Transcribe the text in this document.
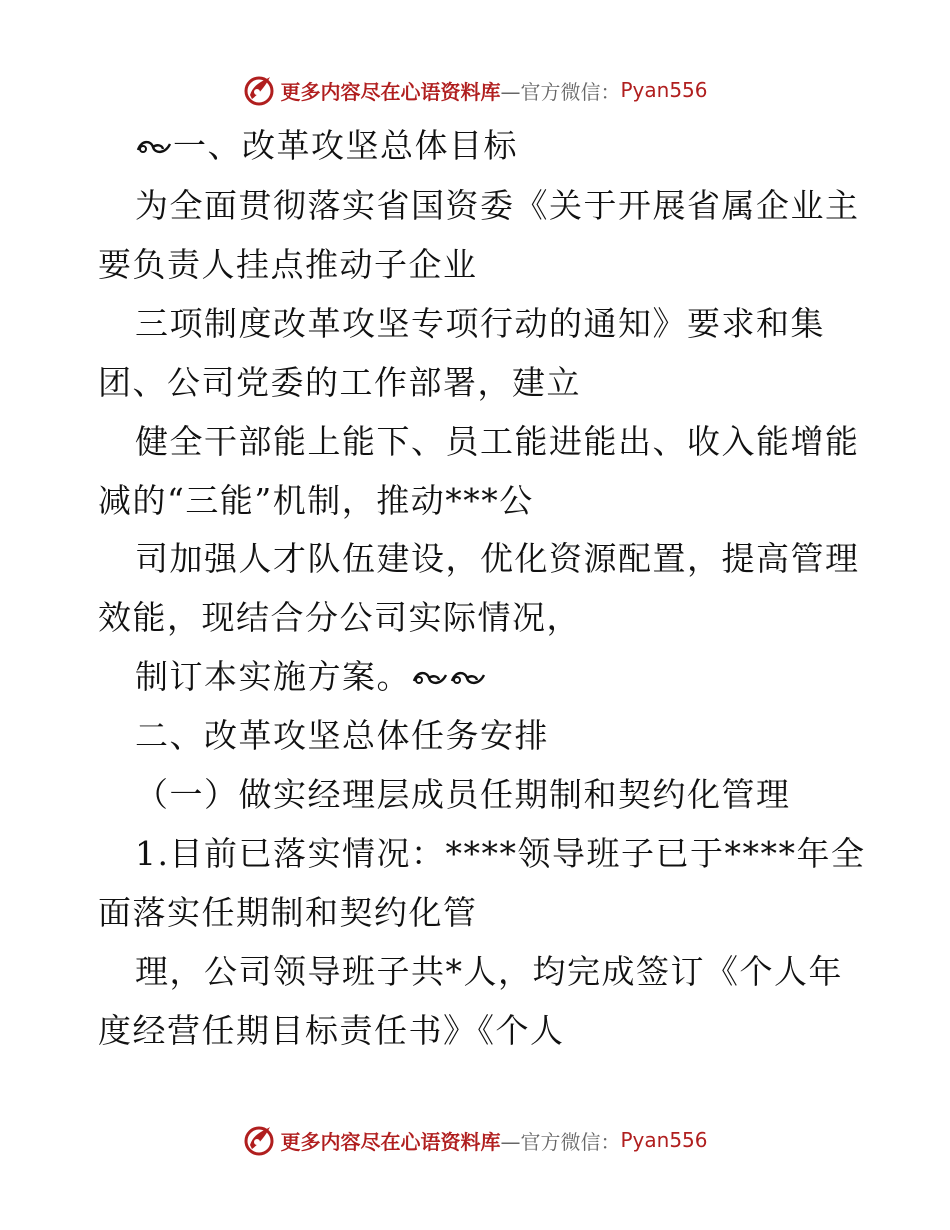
更多内容尽在心语资料库 —官方微信： Pyan556
一、改革攻坚总体目标
为全面贯彻落实省国资委《关于开展省属企业主
要负责人挂点推动子企业
三项制度改革攻坚专项行动的通知》要求和集
团、公司党委的工作部署，建立
健全干部能上能下、员工能进能出、收入能增能
减的“三能”机制，推动***公
司加强人才队伍建设，优化资源配置，提高管理
效能，现结合分公司实际情况，
制订本实施方案。
二、改革攻坚总体任务安排
（一）做实经理层成员任期制和契约化管理
1.目前已落实情况：****领导班子已于****年全
面落实任期制和契约化管
理，公司领导班子共*人，均完成签订《个人年
度经营任期目标责任书》《个人
更多内容尽在心语资料库 —官方微信： Pyan556
